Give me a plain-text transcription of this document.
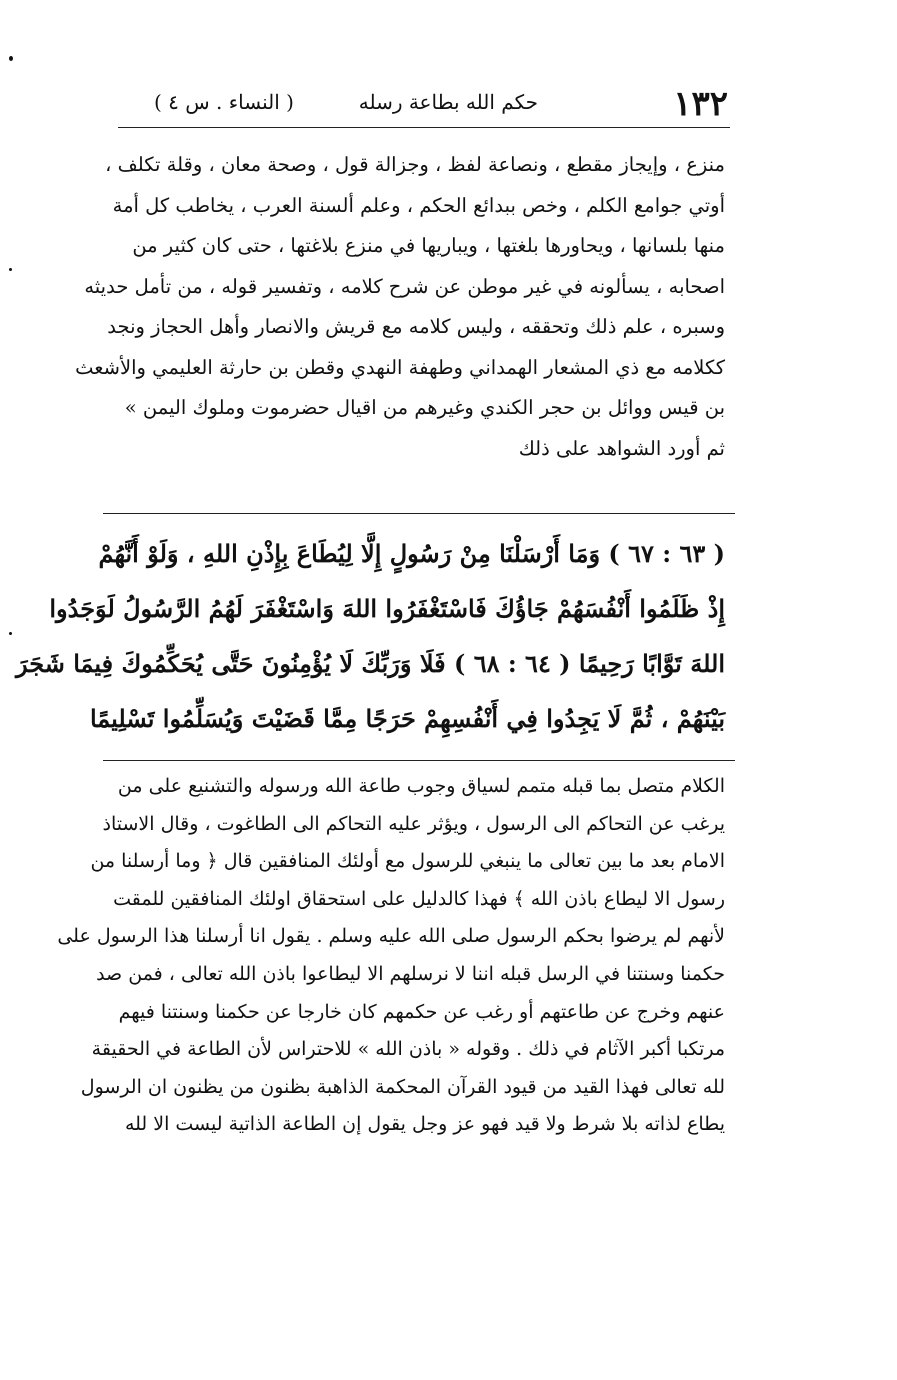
١٣٢
حكم الله بطاعة رسله
( النساء . س ٤ )
منزع ، وإيجاز مقطع ، ونصاعة لفظ ، وجزالة قول ، وصحة معان ، وقلة تكلف ،
أوتي جوامع الكلم ، وخص ببدائع الحكم ، وعلم ألسنة العرب ، يخاطب كل أمة
منها بلسانها ، ويحاورها بلغتها ، ويباريها في منزع بلاغتها ، حتى كان كثير من
اصحابه ، يسألونه في غير موطن عن شرح كلامه ، وتفسير قوله ، من تأمل حديثه
وسبره ، علم ذلك وتحققه ، وليس كلامه مع قريش والانصار وأهل الحجاز ونجد
ككلامه مع ذي المشعار الهمداني وطهفة النهدي وقطن بن حارثة العليمي والأشعث
بن قيس ووائل بن حجر الكندي وغيرهم من اقيال حضرموت وملوك اليمن »
ثم أورد الشواهد على ذلك
( ٦٣ : ٦٧ ) وَمَا أَرْسَلْنَا مِنْ رَسُولٍ إِلَّا لِيُطَاعَ بِإِذْنِ اللهِ ، وَلَوْ أَنَّهُمْ
إِذْ ظَلَمُوا أَنْفُسَهُمْ جَاؤُكَ فَاسْتَغْفَرُوا اللهَ وَاسْتَغْفَرَ لَهُمُ الرَّسُولُ لَوَجَدُوا
اللهَ تَوَّابًا رَحِيمًا ( ٦٤ : ٦٨ ) فَلَا وَرَبِّكَ لَا يُؤْمِنُونَ حَتَّى يُحَكِّمُوكَ فِيمَا شَجَرَ
بَيْنَهُمْ ، ثُمَّ لَا يَجِدُوا فِي أَنْفُسِهِمْ حَرَجًا مِمَّا قَضَيْتَ وَيُسَلِّمُوا تَسْلِيمًا
الكلام متصل بما قبله متمم لسياق وجوب طاعة الله ورسوله والتشنيع على من
يرغب عن التحاكم الى الرسول ، ويؤثر عليه التحاكم الى الطاغوت ، وقال الاستاذ
الامام بعد ما بين تعالى ما ينبغي للرسول مع أولئك المنافقين قال ﴿ وما أرسلنا من
رسول الا ليطاع باذن الله ﴾ فهذا كالدليل على استحقاق اولئك المنافقين للمقت
لأنهم لم يرضوا بحكم الرسول صلى الله عليه وسلم . يقول انا أرسلنا هذا الرسول على
حكمنا وسنتنا في الرسل قبله اننا لا نرسلهم الا ليطاعوا باذن الله تعالى ، فمن صد
عنهم وخرج عن طاعتهم أو رغب عن حكمهم كان خارجا عن حكمنا وسنتنا فيهم
مرتكبا أكبر الآثام في ذلك . وقوله « باذن الله » للاحتراس لأن الطاعة في الحقيقة
لله تعالى فهذا القيد من قيود القرآن المحكمة الذاهبة بظنون من يظنون ان الرسول
يطاع لذاته بلا شرط ولا قيد فهو عز وجل يقول إن الطاعة الذاتية ليست الا لله
